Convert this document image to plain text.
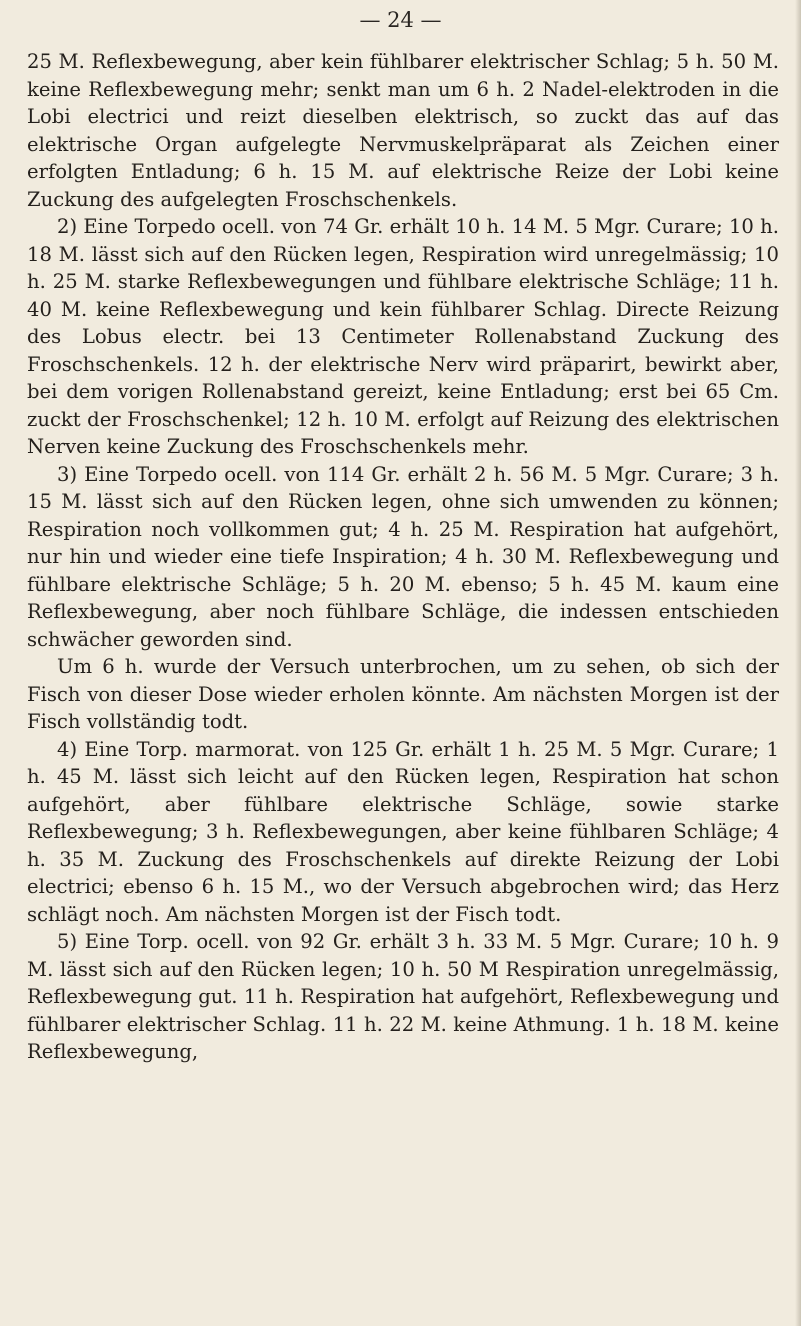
— 24 —

25 M. Reflexbewegung, aber kein fühlbarer elektrischer Schlag; 5 h. 50 M. keine Reflexbewegung mehr; senkt man um 6 h. 2 Nadel-elektroden in die Lobi electrici und reizt dieselben elektrisch, so zuckt das auf das elektrische Organ aufgelegte Nervmuskelpräparat als Zeichen einer erfolgten Entladung; 6 h. 15 M. auf elektrische Reize der Lobi keine Zuckung des aufgelegten Froschschenkels.

2) Eine Torpedo ocell. von 74 Gr. erhält 10 h. 14 M. 5 Mgr. Curare; 10 h. 18 M. lässt sich auf den Rücken legen, Respiration wird unregelmässig; 10 h. 25 M. starke Reflexbewegungen und fühlbare elektrische Schläge; 11 h. 40 M. keine Reflexbewegung und kein fühlbarer Schlag. Directe Reizung des Lobus electr. bei 13 Centimeter Rollenabstand Zuckung des Froschschenkels. 12 h. der elektrische Nerv wird präparirt, bewirkt aber, bei dem vorigen Rollenabstand gereizt, keine Entladung; erst bei 65 Cm. zuckt der Froschschenkel; 12 h. 10 M. erfolgt auf Reizung des elektrischen Nerven keine Zuckung des Froschschenkels mehr.

3) Eine Torpedo ocell. von 114 Gr. erhält 2 h. 56 M. 5 Mgr. Curare; 3 h. 15 M. lässt sich auf den Rücken legen, ohne sich umwenden zu können; Respiration noch vollkommen gut; 4 h. 25 M. Respiration hat aufgehört, nur hin und wieder eine tiefe Inspiration; 4 h. 30 M. Reflexbewegung und fühlbare elektrische Schläge; 5 h. 20 M. ebenso; 5 h. 45 M. kaum eine Reflexbewegung, aber noch fühlbare Schläge, die indessen entschieden schwächer geworden sind.

Um 6 h. wurde der Versuch unterbrochen, um zu sehen, ob sich der Fisch von dieser Dose wieder erholen könnte. Am nächsten Morgen ist der Fisch vollständig todt.

4) Eine Torp. marmorat. von 125 Gr. erhält 1 h. 25 M. 5 Mgr. Curare; 1 h. 45 M. lässt sich leicht auf den Rücken legen, Respiration hat schon aufgehört, aber fühlbare elektrische Schläge, sowie starke Reflexbewegung; 3 h. Reflexbewegungen, aber keine fühlbaren Schläge; 4 h. 35 M. Zuckung des Froschschenkels auf direkte Reizung der Lobi electrici; ebenso 6 h. 15 M., wo der Versuch abgebrochen wird; das Herz schlägt noch. Am nächsten Morgen ist der Fisch todt.

5) Eine Torp. ocell. von 92 Gr. erhält 3 h. 33 M. 5 Mgr. Curare; 10 h. 9 M. lässt sich auf den Rücken legen; 10 h. 50 M Respiration unregelmässig, Reflexbewegung gut. 11 h. Respiration hat aufgehört, Reflexbewegung und fühlbarer elektrischer Schlag. 11 h. 22 M. keine Athmung. 1 h. 18 M. keine Reflexbewegung,
